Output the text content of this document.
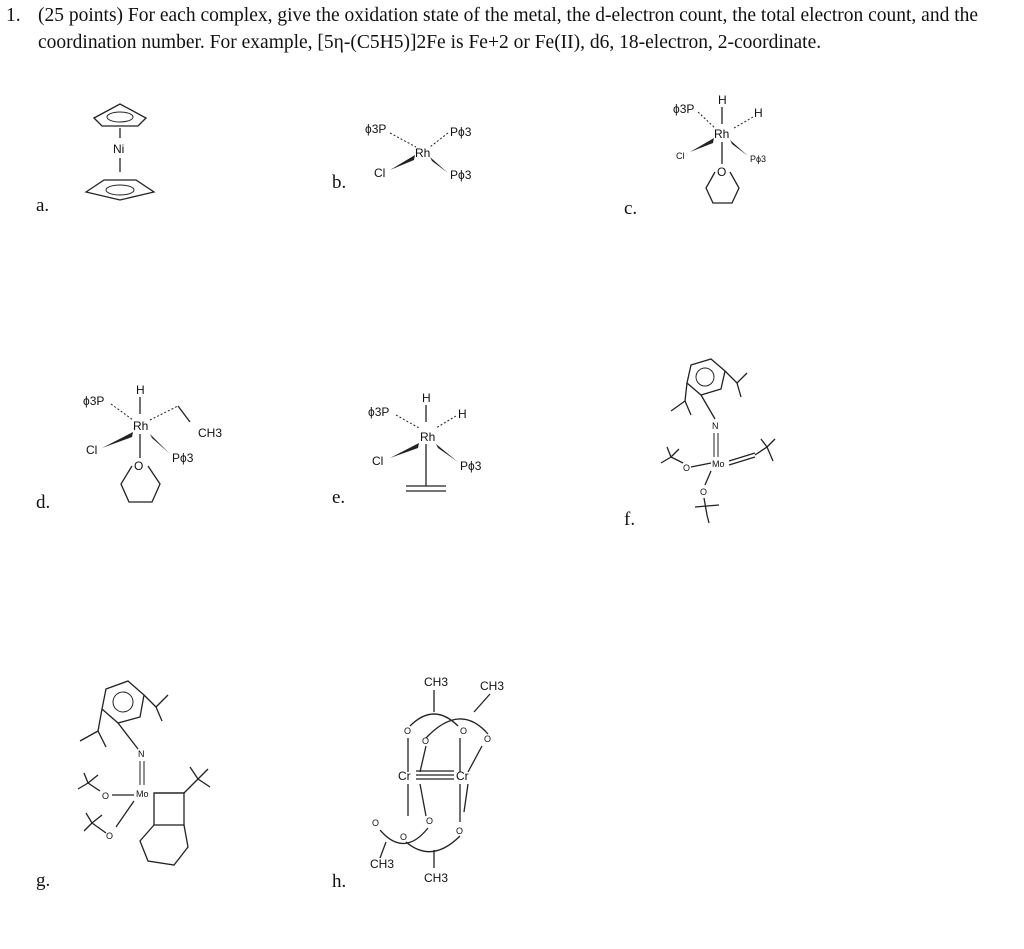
1. (25 points) For each complex, give the oxidation state of the metal, the d-electron count, the total electron count, and the coordination number. For example, [5η-(C5H5)]2Fe is Fe+2 or Fe(II), d6, 18-electron, 2-coordinate.
a.
b.
c.
d.	e.
f.
g.	h.
Ni
ϕ3P
Rh
Pϕ3
Cl	Pϕ3
H
ϕ3P	H
Rh
Cl	Pϕ3
O
H
ϕ3P
CH3
Rh
Cl
Pϕ3
O
H
ϕ3P	H
Rh
Cl	Pϕ3
N
Mo
O
O
N
Mo
O
O
CH3	CH3
O
O
O
O
Cr	Cr
O	O
O
O
CH3
CH3
